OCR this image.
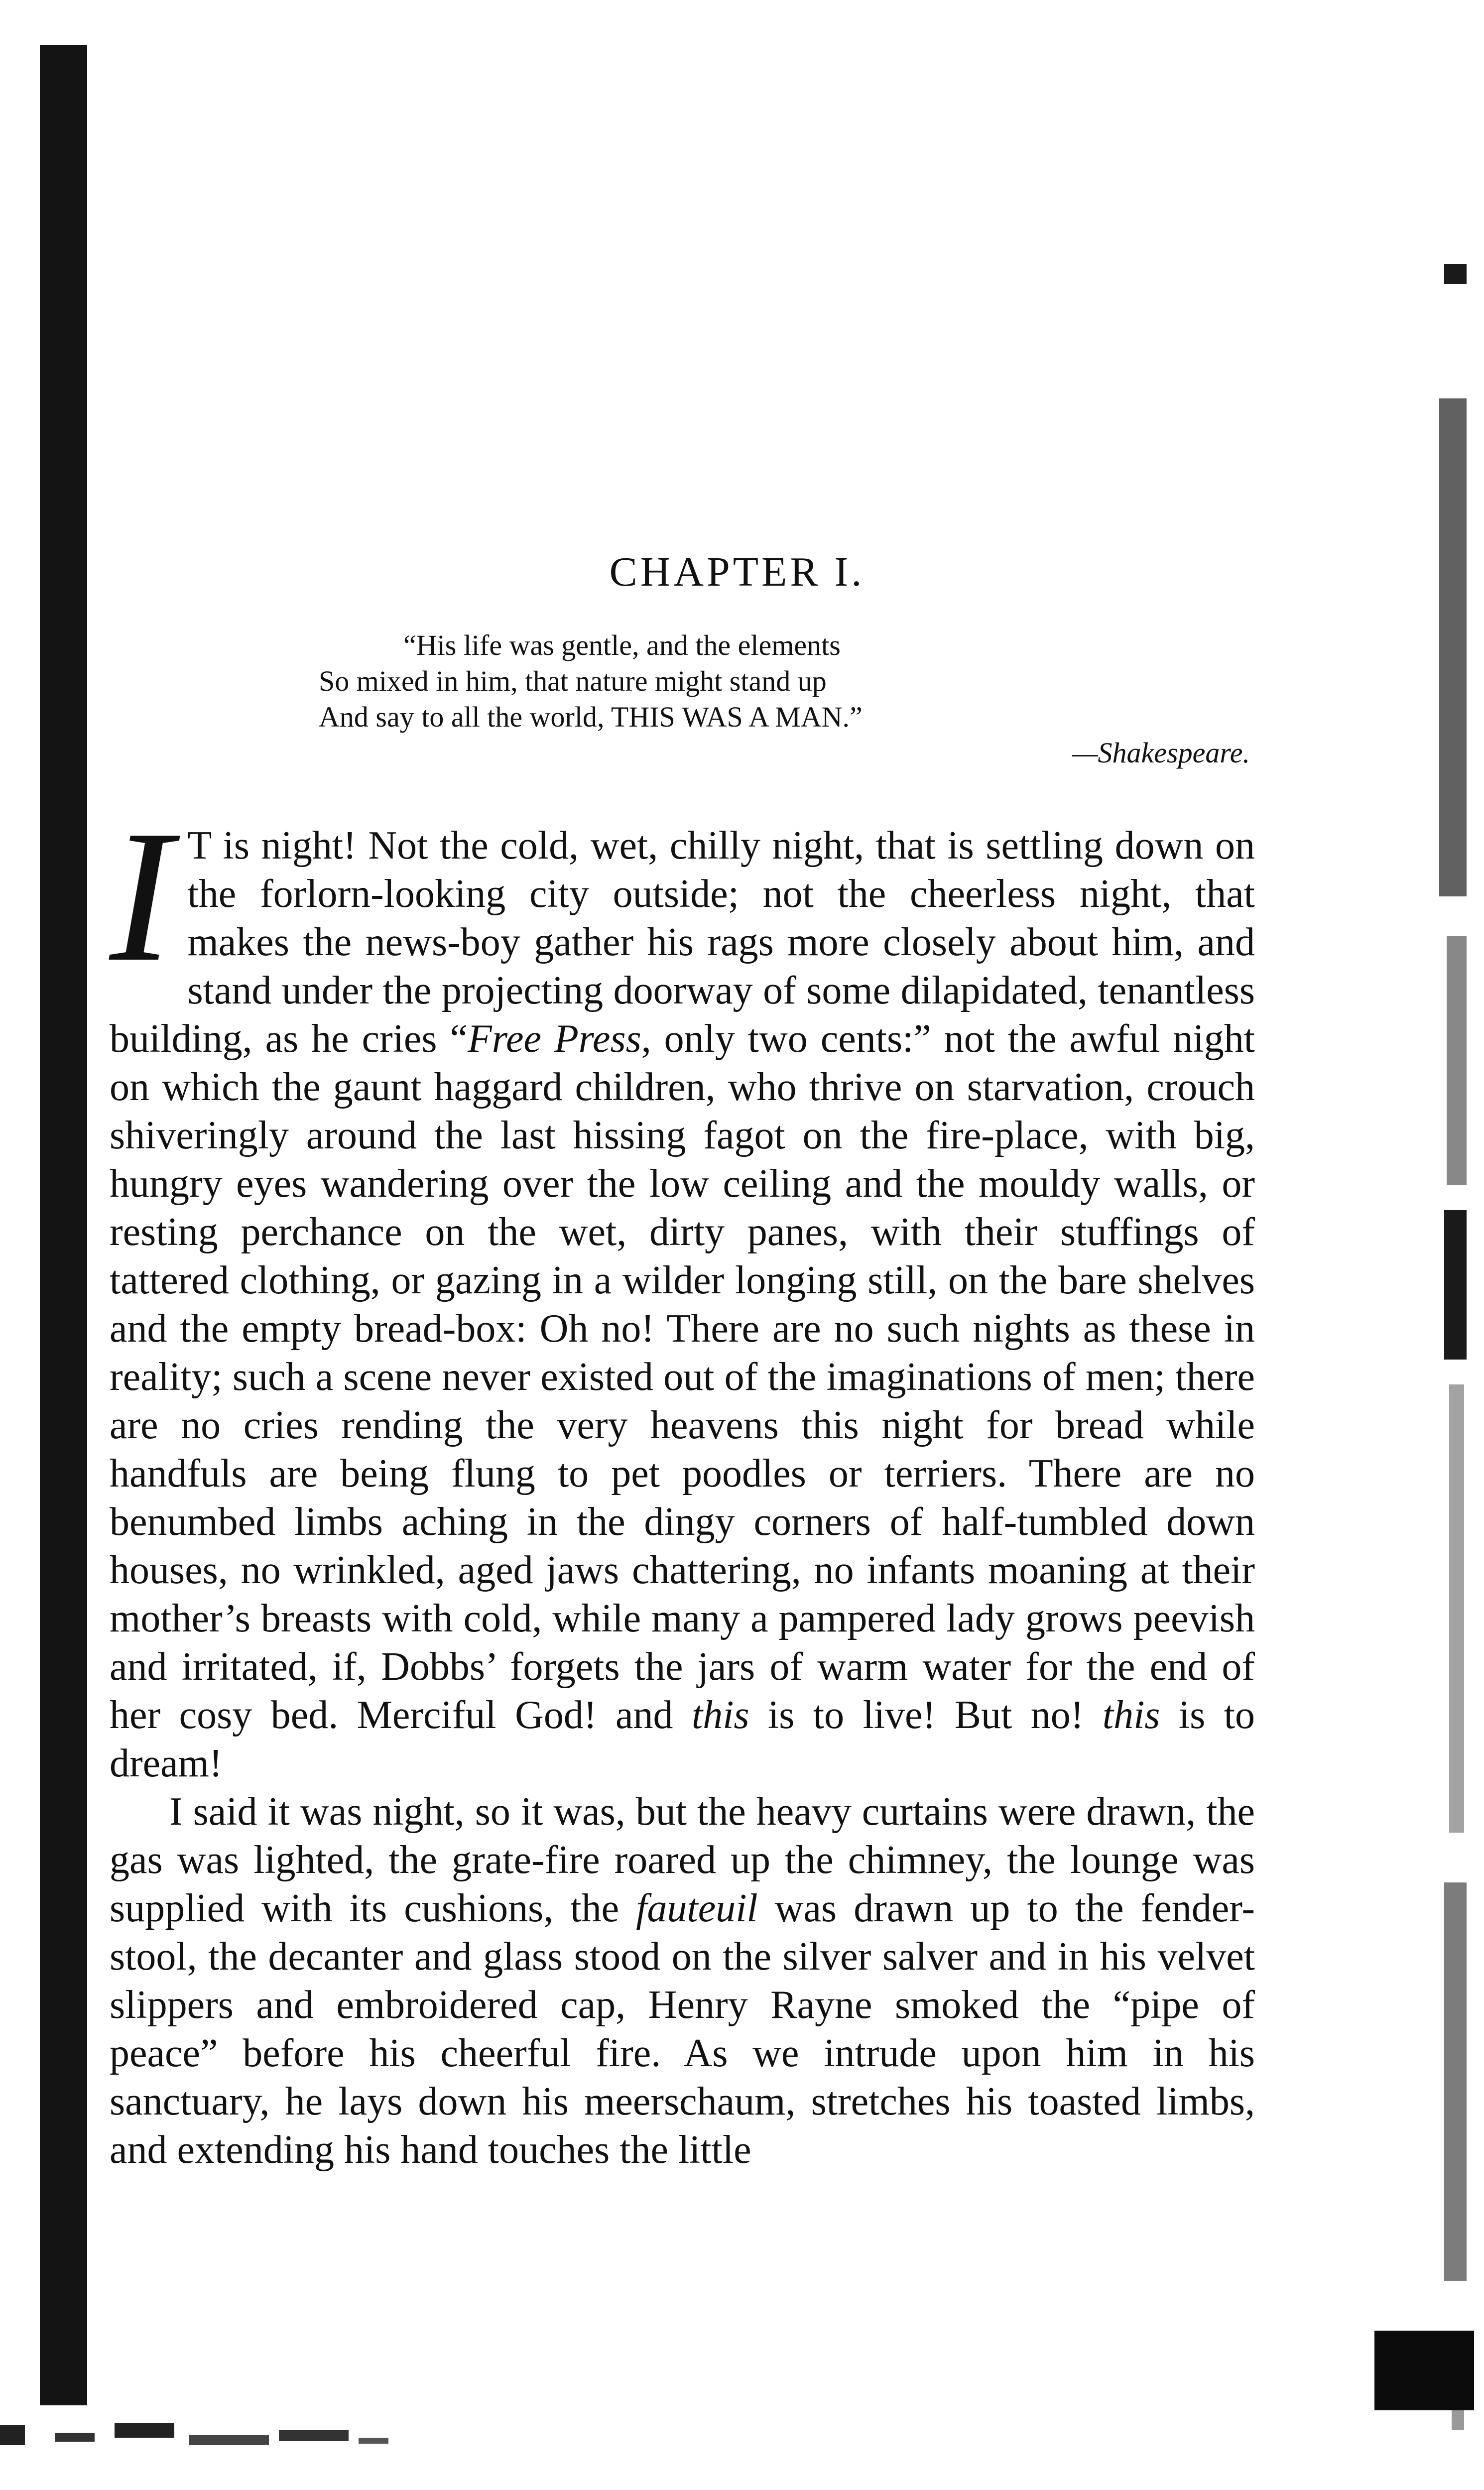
CHAPTER I.
“His life was gentle, and the elements
So mixed in him, that nature might stand up
And say to all the world, THIS WAS A MAN.”
—Shakespeare.

I T is night! Not the cold, wet, chilly night, that is settling down on the forlorn-looking city outside; not the cheerless night, that makes the news-boy gather his rags more closely about him, and stand under the projecting doorway of some dilapidated, tenantless building, as he cries “Free Press, only two cents:” not the awful night on which the gaunt haggard children, who thrive on starvation, crouch shiveringly around the last hissing fagot on the fire-place, with big, hungry eyes wandering over the low ceiling and the mouldy walls, or resting perchance on the wet, dirty panes, with their stuffings of tattered clothing, or gazing in a wilder longing still, on the bare shelves and the empty bread-box: Oh no! There are no such nights as these in reality; such a scene never existed out of the imaginations of men; there are no cries rending the very heavens this night for bread while handfuls are being flung to pet poodles or terriers. There are no benumbed limbs aching in the dingy corners of half-tumbled down houses, no wrinkled, aged jaws chattering, no infants moaning at their mother’s breasts with cold, while many a pampered lady grows peevish and irritated, if, Dobbs’ forgets the jars of warm water for the end of her cosy bed. Merciful God! and this is to live! But no! this is to dream!

I said it was night, so it was, but the heavy curtains were drawn, the gas was lighted, the grate-fire roared up the chimney, the lounge was supplied with its cushions, the fauteuil was drawn up to the fender-stool, the decanter and glass stood on the silver salver and in his velvet slippers and embroidered cap, Henry Rayne smoked the “pipe of peace” before his cheerful fire. As we intrude upon him in his sanctuary, he lays down his meerschaum, stretches his toasted limbs, and extending his hand touches the little
